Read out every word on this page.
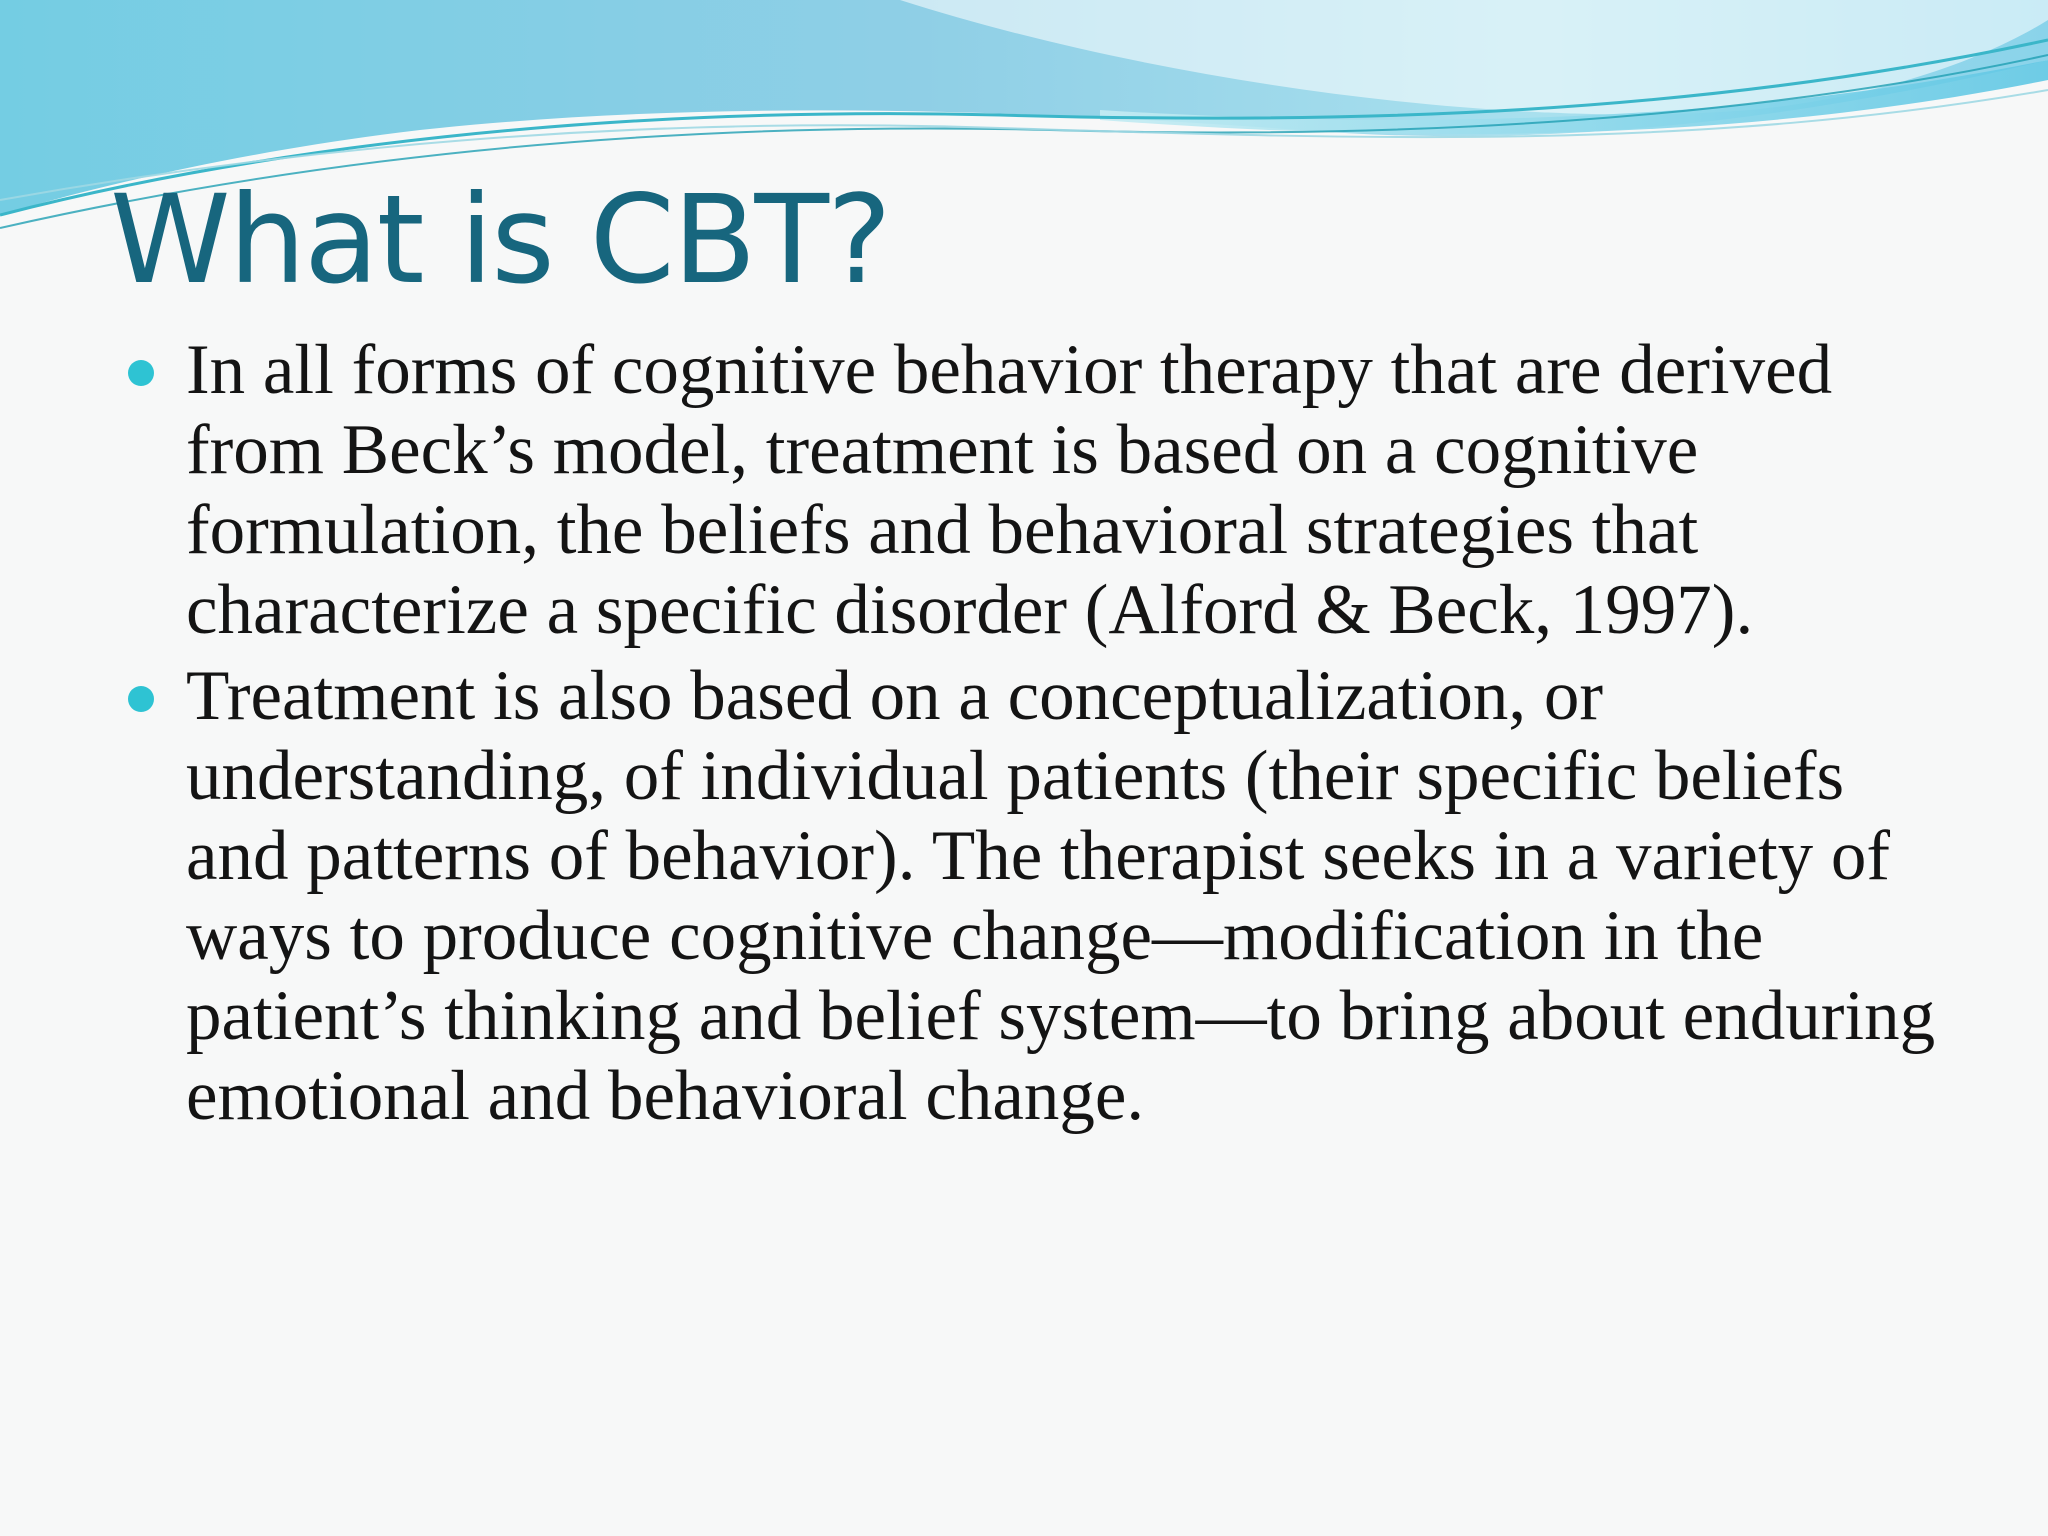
What is CBT?
In all forms of cognitive behavior therapy that are derived from Beck’s model, treatment is based on a cognitive formulation, the beliefs and behavioral strategies that characterize a specific disorder (Alford & Beck, 1997).
Treatment is also based on a conceptualization, or understanding, of individual patients (their specific beliefs and patterns of behavior). The therapist seeks in a variety of ways to produce cognitive change—modification in the patient’s thinking and belief system—to bring about enduring emotional and behavioral change.
